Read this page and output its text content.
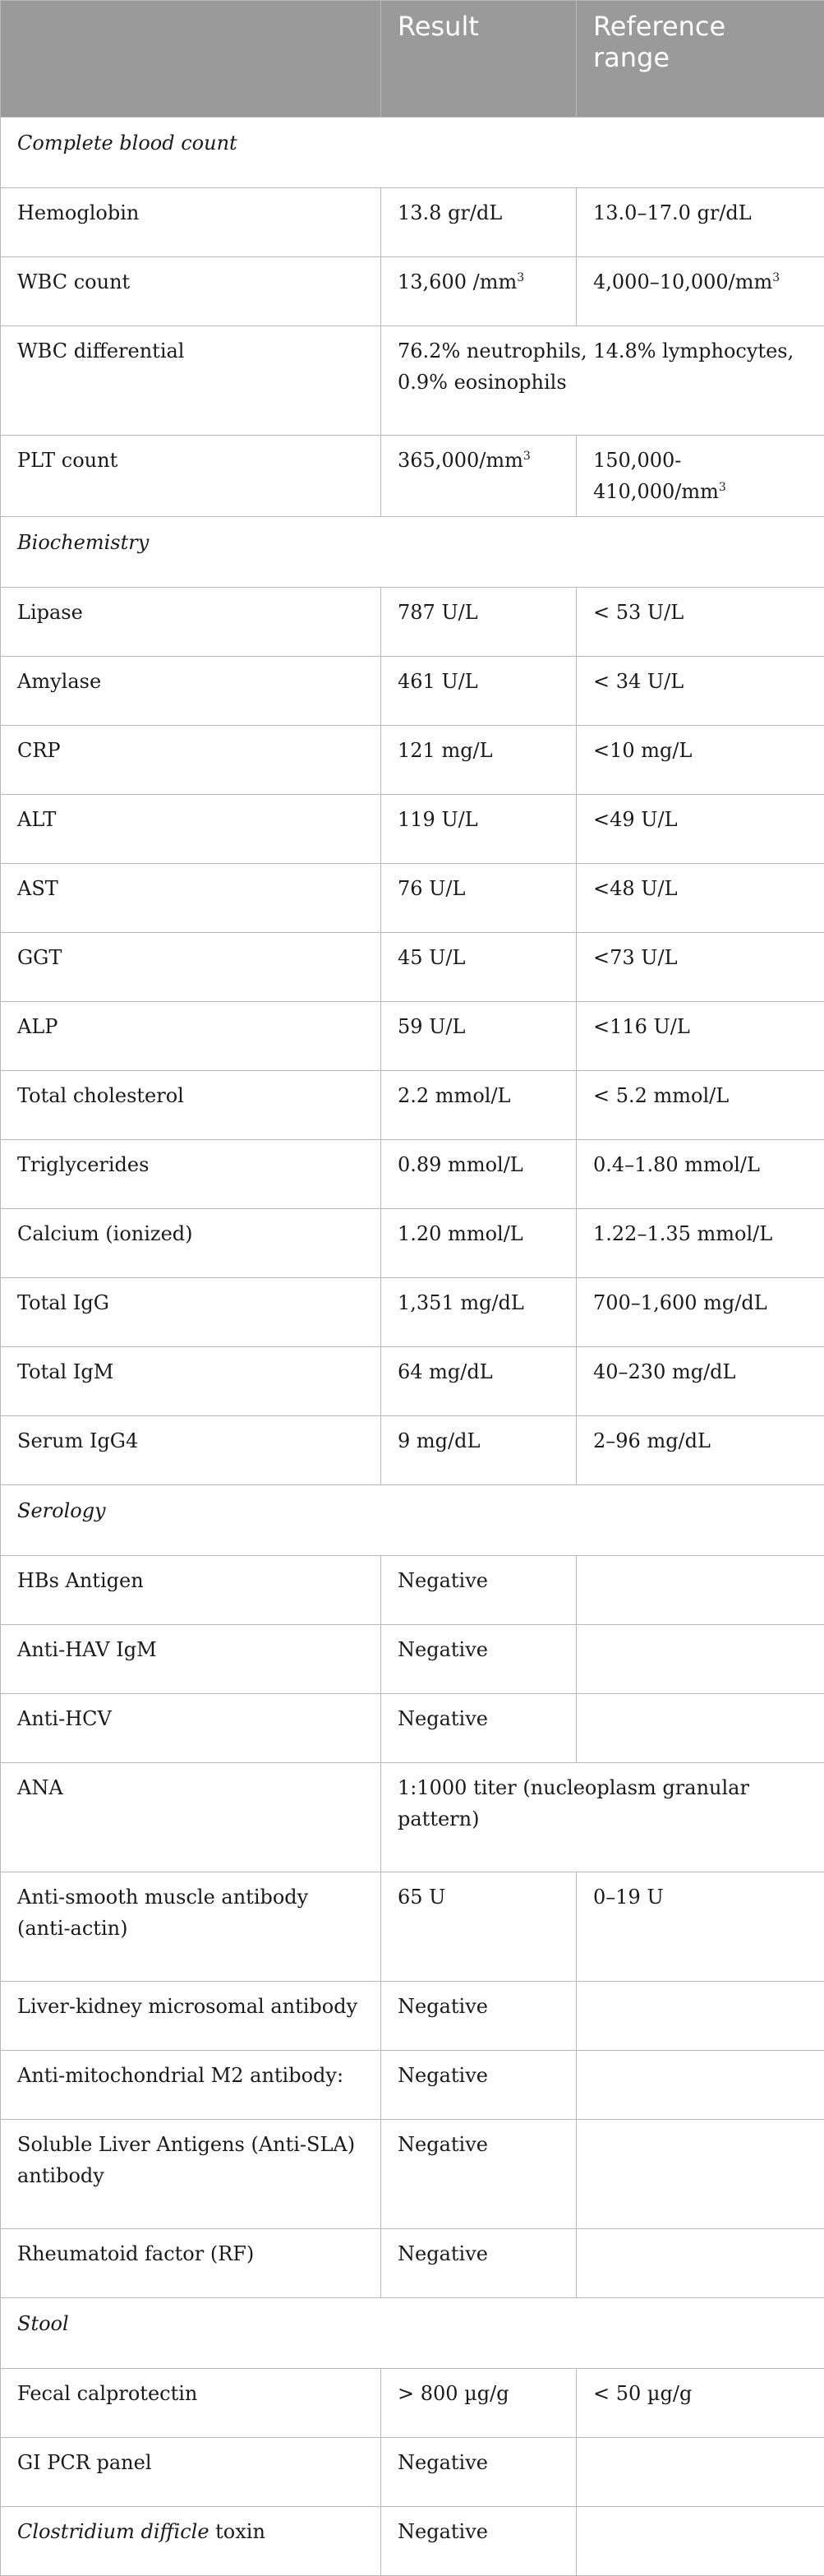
	Result	Reference
range
Complete blood count		
Hemoglobin	13.8 gr/dL	13.0–17.0 gr/dL
WBC count	13,600 $/mm^3$	$4,000-10,000/mm^3$
WBC differential	76.2% neutrophils, 14.8% lymphocytes, 0.9% eosinophils	
PLT count	$365,000/mm^3$	$150,000-410,000/mm^3$
Biochemistry		
Lipase	787 U/L	< 53 U/L
Amylase	461 U/L	< 34 U/L
CRP	121 mg/L	<10 mg/L
ALT	119 U/L	<49 U/L
AST	76 U/L	<48 U/L
GGT	45 U/L	<73 U/L
ALP	59 U/L	<116 U/L
Total cholesterol	2.2 mmol/L	< 5.2 mmol/L
Triglycerides	0.89 mmol/L	0.4–1.80 mmol/L
Calcium (ionized)	1.20 mmol/L	1.22–1.35 mmol/L
Total IgG	1,351 mg/dL	700–1,600 mg/dL
Total IgM	64 mg/dL	40–230 mg/dL
Serum IgG4	9 mg/dL	2–96 mg/dL
Serology		
HBs Antigen	Negative	
Anti-HAV IgM	Negative	
Anti-HCV	Negative	
ANA	1:1000 titer (nucleoplasm granular pattern)	
Anti-smooth muscle antibody (anti-actin)	65 U	0–19 U
Liver-kidney microsomal antibody	Negative	
Anti-mitochondrial M2 antibody:	Negative	
Soluble Liver Antigens (Anti-SLA) antibody	Negative	
Rheumatoid factor (RF)	Negative	
Stool		
Fecal calprotectin	> 800 µg/g	< 50 µg/g
GI PCR panel	Negative	
Clostridium difficle toxin	Negative	
